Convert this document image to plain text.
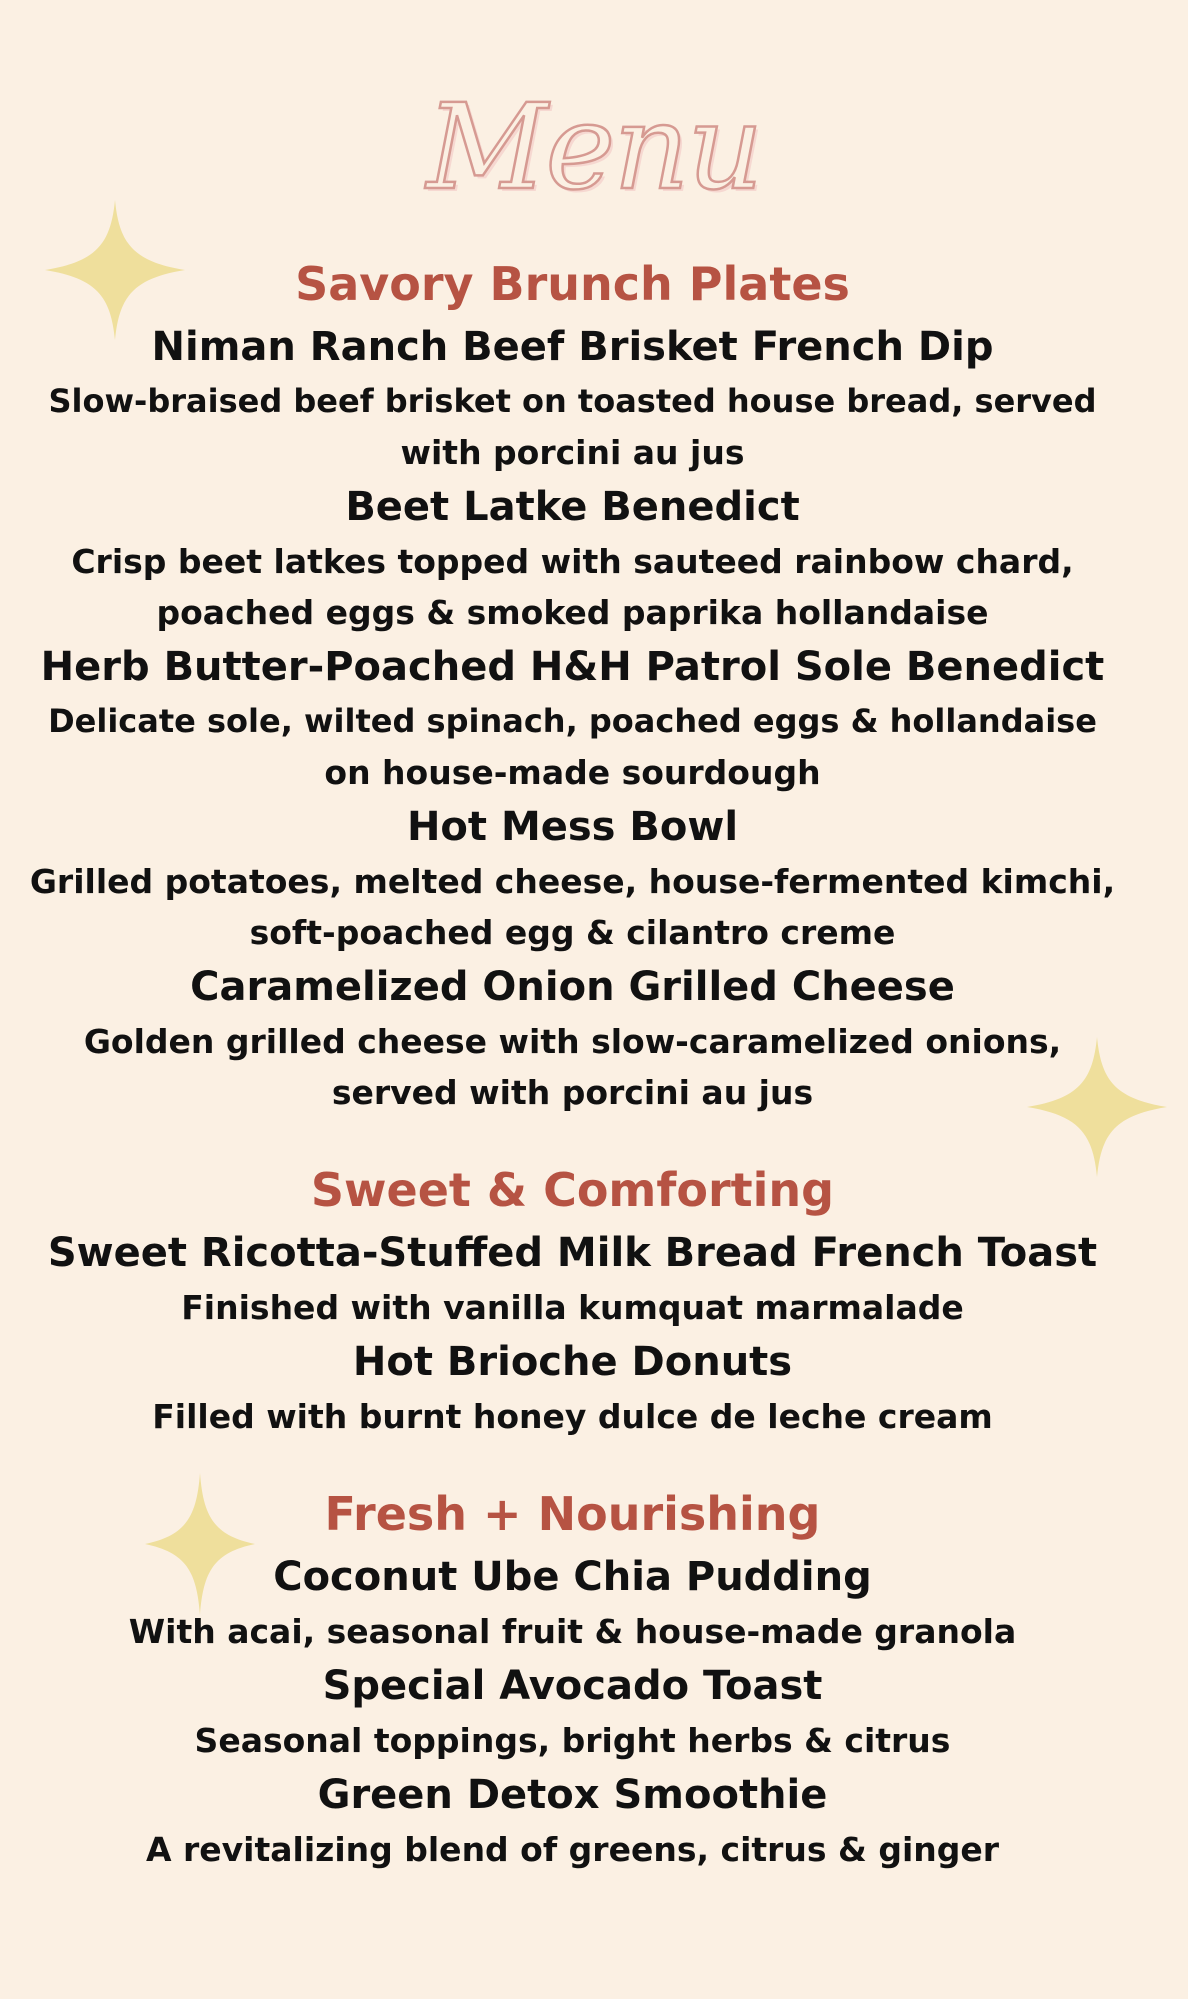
Menu
Savory Brunch Plates
Niman Ranch Beef Brisket French Dip
Slow-braised beef brisket on toasted house bread, served
with porcini au jus
Beet Latke Benedict
Crisp beet latkes topped with sauteed rainbow chard,
poached eggs & smoked paprika hollandaise
Herb Butter-Poached H&H Patrol Sole Benedict
Delicate sole, wilted spinach, poached eggs & hollandaise
on house-made sourdough
Hot Mess Bowl
Grilled potatoes, melted cheese, house-fermented kimchi,
soft-poached egg & cilantro creme
Caramelized Onion Grilled Cheese
Golden grilled cheese with slow-caramelized onions,
served with porcini au jus
Sweet & Comforting
Sweet Ricotta-Stuffed Milk Bread French Toast
Finished with vanilla kumquat marmalade
Hot Brioche Donuts
Filled with burnt honey dulce de leche cream
Fresh + Nourishing
Coconut Ube Chia Pudding
With acai, seasonal fruit & house-made granola
Special Avocado Toast
Seasonal toppings, bright herbs & citrus
Green Detox Smoothie
A revitalizing blend of greens, citrus & ginger
